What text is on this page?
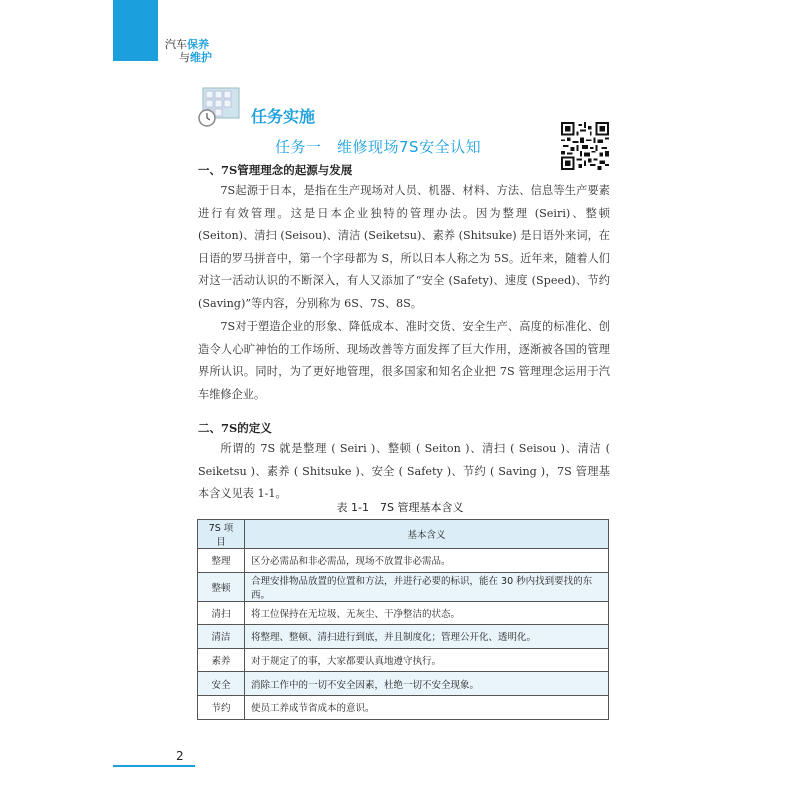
汽车保养
与维护
任务实施
任务一　维修现场7S安全认知
一、7S管理理念的起源与发展

7S起源于日本，是指在生产现场对人员、机器、材料、方法、信息等生产要素进行有效管理。这是日本企业独特的管理办法。因为整理 (Seiri)、整顿 (Seiton)、清扫 (Seisou)、清洁 (Seiketsu)、素养 (Shitsuke) 是日语外来词，在日语的罗马拼音中，第一个字母都为 S，所以日本人称之为 5S。近年来，随着人们对这一活动认识的不断深入，有人又添加了“安全 (Safety)、速度 (Speed)、节约 (Saving)”等内容，分别称为 6S、7S、8S。

7S对于塑造企业的形象、降低成本、准时交货、安全生产、高度的标准化、创造令人心旷神怡的工作场所、现场改善等方面发挥了巨大作用，逐渐被各国的管理界所认识。同时，为了更好地管理，很多国家和知名企业把 7S 管理理念运用于汽车维修企业。

二、7S的定义

所谓的 7S 就是整理 ( Seiri )、整顿 ( Seiton )、清扫 ( Seisou )、清洁 ( Seiketsu )、素养 ( Shitsuke )、安全 ( Safety )、节约 ( Saving )，7S 管理基本含义见表 1-1。

表 1-1　7S 管理基本含义
7S 项目	基本含义
整理	区分必需品和非必需品，现场不放置非必需品。
整顿	合理安排物品放置的位置和方法，并进行必要的标识，能在 30 秒内找到要找的东西。
清扫	将工位保持在无垃圾、无灰尘、干净整洁的状态。
清洁	将整理、整顿、清扫进行到底，并且制度化；管理公开化、透明化。
素养	对于规定了的事，大家都要认真地遵守执行。
安全	消除工作中的一切不安全因素，杜绝一切不安全现象。
节约	使员工养成节省成本的意识。
2
